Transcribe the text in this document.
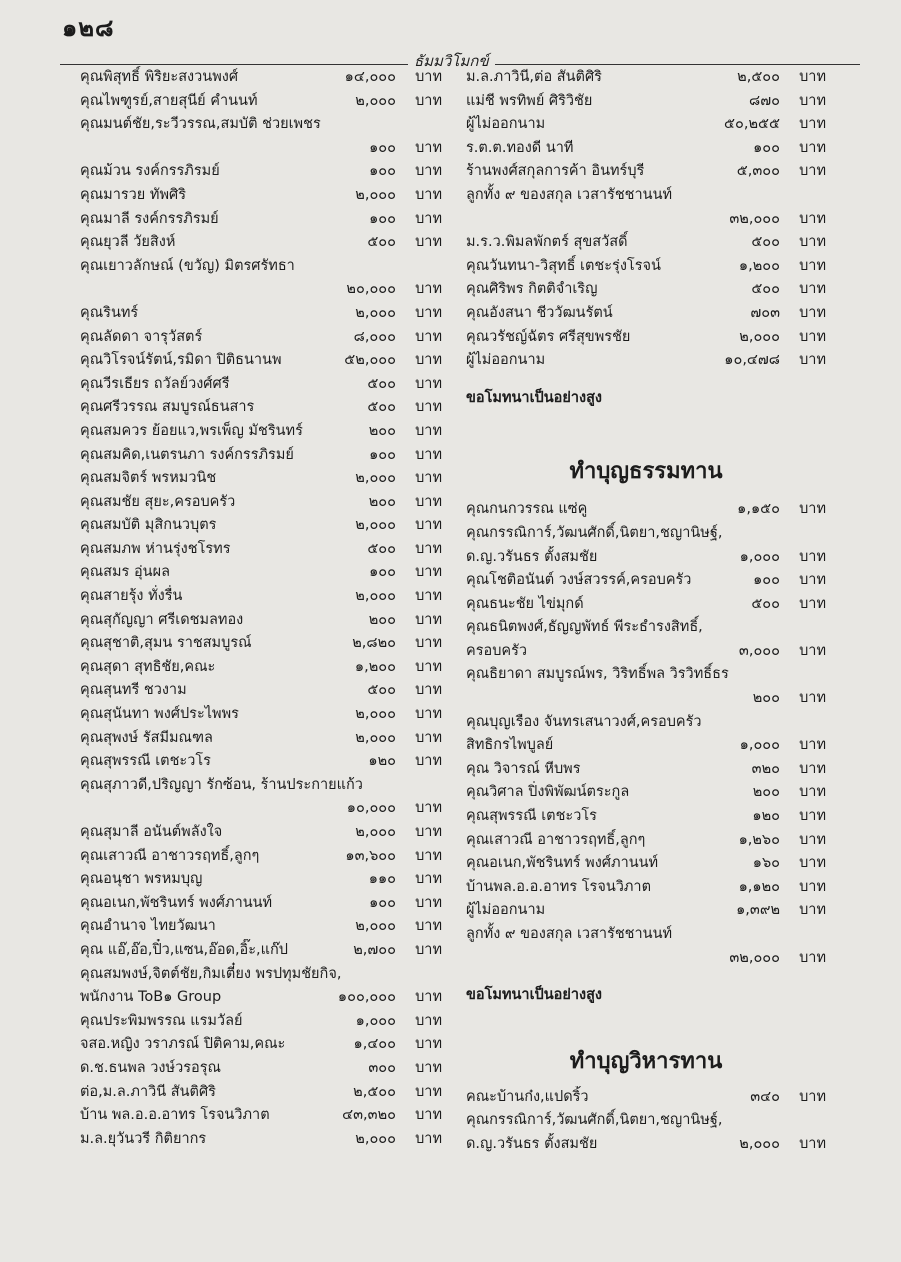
๑๒๘
ธัมมวิโมกข์
คุณพิสุทธิ์ พิริยะสงวนพงศ์	๑๔,๐๐๐	บาท
คุณไพฑูรย์,สายสุนีย์ คำนนท์	๒,๐๐๐	บาท
คุณมนต์ชัย,ระวีวรรณ,สมบัติ ช่วยเพชร
๑๐๐	บาท
คุณม้วน รงค์กรรภิรมย์	๑๐๐	บาท
คุณมารวย ทัพศิริ	๒,๐๐๐	บาท
คุณมาลี รงค์กรรภิรมย์	๑๐๐	บาท
คุณยุวลี วัยสิงห์	๕๐๐	บาท
คุณเยาวลักษณ์ (ขวัญ) มิตรศรัทธา
๒๐,๐๐๐	บาท
คุณรินทร์	๒,๐๐๐	บาท
คุณลัดดา จารุวัสตร์	๘,๐๐๐	บาท
คุณวิโรจน์รัตน์,รมิดา ปิติธนานพ	๕๒,๐๐๐	บาท
คุณวีรเธียร ถวัลย์วงศ์ศรี	๕๐๐	บาท
คุณศรีวรรณ สมบูรณ์ธนสาร	๕๐๐	บาท
คุณสมควร ย้อยแว,พรเพ็ญ มัชรินทร์	๒๐๐	บาท
คุณสมคิด,เนตรนภา รงค์กรรภิรมย์	๑๐๐	บาท
คุณสมจิตร์ พรหมวนิช	๒,๐๐๐	บาท
คุณสมชัย สุยะ,ครอบครัว	๒๐๐	บาท
คุณสมบัติ มุสิกนวบุตร	๒,๐๐๐	บาท
คุณสมภพ ห่านรุ่งชโรทร	๕๐๐	บาท
คุณสมร อุ่นผล	๑๐๐	บาท
คุณสายรุ้ง ทั่งรื่น	๒,๐๐๐	บาท
คุณสุกัญญา ศรีเดชมลทอง	๒๐๐	บาท
คุณสุชาติ,สุมน ราชสมบูรณ์	๒,๘๒๐	บาท
คุณสุดา สุทธิชัย,คณะ	๑,๒๐๐	บาท
คุณสุนทรี ชวงาม	๕๐๐	บาท
คุณสุนันทา พงศ์ประไพพร	๒,๐๐๐	บาท
คุณสุพงษ์ รัสมีมณฑล	๒,๐๐๐	บาท
คุณสุพรรณี เตชะวโร	๑๒๐	บาท
คุณสุภาวดี,ปริญญา รักซ้อน, ร้านประกายแก้ว
๑๐,๐๐๐	บาท
คุณสุมาลี อนันต์พลังใจ	๒,๐๐๐	บาท
คุณเสาวณี อาชาวรฤทธิ์,ลูกๆ	๑๓,๖๐๐	บาท
คุณอนุชา พรหมบุญ	๑๑๐	บาท
คุณอเนก,พัชรินทร์ พงศ์ภานนท์	๑๐๐	บาท
คุณอำนาจ ไทยวัฒนา	๒,๐๐๐	บาท
คุณ แอ๊,อ๊อ,ปิ๋ว,แซน,อ๊อด,อิ๊ะ,แก๊ป	๒,๗๐๐	บาท
คุณสมพงษ์,จิตต์ชัย,กิมเตี๋ยง พรปทุมชัยกิจ,
พนักงาน ToB๑ Group	๑๐๐,๐๐๐	บาท
คุณประพิมพรรณ แรมวัลย์	๑,๐๐๐	บาท
จสอ.หญิง วราภรณ์ ปิติคาม,คณะ	๑,๔๐๐	บาท
ด.ช.ธนพล วงษ์วรอรุณ	๓๐๐	บาท
ต่อ,ม.ล.ภาวินี สันติศิริ	๒,๕๐๐	บาท
บ้าน พล.อ.อ.อาทร โรจนวิภาต	๔๓,๓๒๐	บาท
ม.ล.ยุวันวรี กิติยากร	๒,๐๐๐	บาท
ม.ล.ภาวินี,ต่อ สันติศิริ	๒,๕๐๐	บาท
แม่ชี พรทิพย์ ศิริวิชัย	๘๗๐	บาท
ผู้ไม่ออกนาม	๕๐,๒๕๕	บาท
ร.ต.ต.ทองดี นาที	๑๐๐	บาท
ร้านพงศ์สกุลการค้า อินทร์บุรี	๕,๓๐๐	บาท
ลูกทั้ง ๙ ของสกุล เวสารัชชานนท์
๓๒,๐๐๐	บาท
ม.ร.ว.พิมลพักตร์ สุขสวัสดิ์	๕๐๐	บาท
คุณวันทนา-วิสุทธิ์ เตชะรุ่งโรจน์	๑,๒๐๐	บาท
คุณศิริพร กิตติจำเริญ	๕๐๐	บาท
คุณอังสนา ชีววัฒนรัตน์	๗๐๓	บาท
คุณวรัชญ์ฉัตร ศรีสุขพรชัย	๒,๐๐๐	บาท
ผู้ไม่ออกนาม	๑๐,๔๗๘	บาท
ขอโมทนาเป็นอย่างสูง
ทำบุญธรรมทาน
คุณกนกวรรณ แซ่คู	๑,๑๕๐	บาท
คุณกรรณิการ์,วัฒนศักดิ์,นิตยา,ชญานิษฐ์,
ด.ญ.วรันธร ตั้งสมชัย	๑,๐๐๐	บาท
คุณโชติอนันต์ วงษ์สวรรค์,ครอบครัว	๑๐๐	บาท
คุณธนะชัย ไข่มุกด์	๕๐๐	บาท
คุณธนิตพงศ์,ธัญญพัทธ์ พีระธำรงสิทธิ์,
ครอบครัว	๓,๐๐๐	บาท
คุณธิยาดา สมบูรณ์พร, วิริทธิ์พล วิรวิทธิ์ธร
๒๐๐	บาท
คุณบุญเรือง จันทรเสนาวงศ์,ครอบครัว
สิทธิกรไพบูลย์	๑,๐๐๐	บาท
คุณ วิจารณ์ หีบพร	๓๒๐	บาท
คุณวิศาล ปิ่งพิพัฒน์ตระกูล	๒๐๐	บาท
คุณสุพรรณี เตชะวโร	๑๒๐	บาท
คุณเสาวณี อาชาวรฤทธิ์,ลูกๆ	๑,๒๖๐	บาท
คุณอเนก,พัชรินทร์ พงศ์ภานนท์	๑๖๐	บาท
บ้านพล.อ.อ.อาทร โรจนวิภาต	๑,๑๒๐	บาท
ผู้ไม่ออกนาม	๑,๓๙๒	บาท
ลูกทั้ง ๙ ของสกุล เวสารัชชานนท์
๓๒,๐๐๐	บาท
ขอโมทนาเป็นอย่างสูง
ทำบุญวิหารทาน
คณะบ้านก๋ง,แปดริ้ว	๓๔๐	บาท
คุณกรรณิการ์,วัฒนศักดิ์,นิตยา,ชญานิษฐ์,
ด.ญ.วรันธร ตั้งสมชัย	๒,๐๐๐	บาท
